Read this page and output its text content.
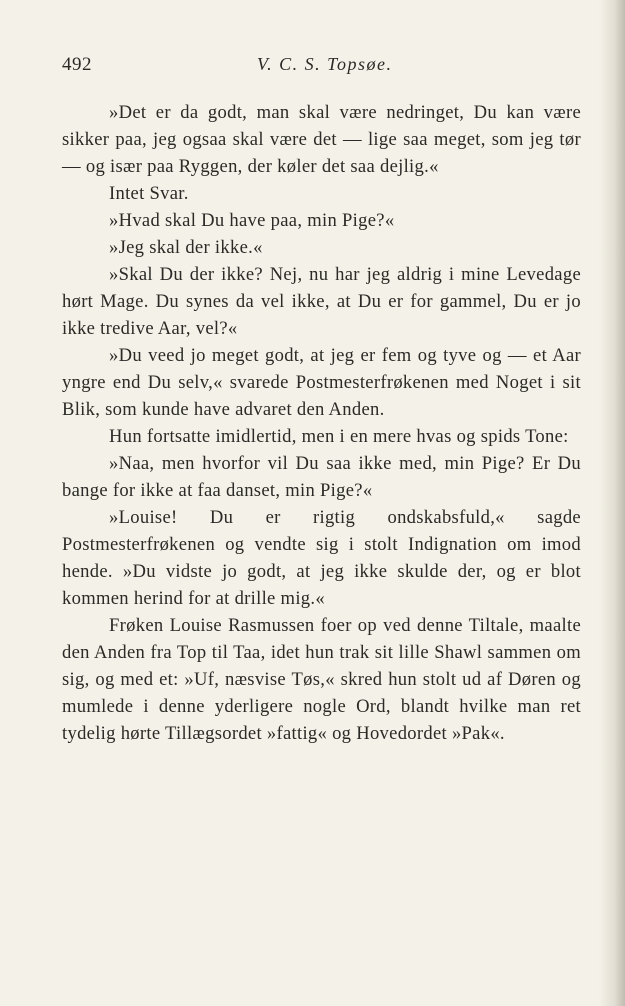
492	V. C. S. Topsøe.

»Det er da godt, man skal være nedringet, Du kan være sikker paa, jeg ogsaa skal være det — lige saa meget, som jeg tør — og især paa Ryggen, der køler det saa dejlig.«

Intet Svar.

»Hvad skal Du have paa, min Pige?«

»Jeg skal der ikke.«

»Skal Du der ikke? Nej, nu har jeg aldrig i mine Levedage hørt Mage. Du synes da vel ikke, at Du er for gammel, Du er jo ikke tredive Aar, vel?«

»Du veed jo meget godt, at jeg er fem og tyve og — et Aar yngre end Du selv,« svarede Postmesterfrøkenen med Noget i sit Blik, som kunde have advaret den Anden.

Hun fortsatte imidlertid, men i en mere hvas og spids Tone:

»Naa, men hvorfor vil Du saa ikke med, min Pige? Er Du bange for ikke at faa danset, min Pige?«

»Louise! Du er rigtig ondskabsfuld,« sagde Postmesterfrøkenen og vendte sig i stolt Indignation om imod hende. »Du vidste jo godt, at jeg ikke skulde der, og er blot kommen herind for at drille mig.«

Frøken Louise Rasmussen foer op ved denne Tiltale, maalte den Anden fra Top til Taa, idet hun trak sit lille Shawl sammen om sig, og med et: »Uf, næsvise Tøs,« skred hun stolt ud af Døren og mumlede i denne yderligere nogle Ord, blandt hvilke man ret tydelig hørte Tillægsordet »fattig« og Hovedordet »Pak«.
